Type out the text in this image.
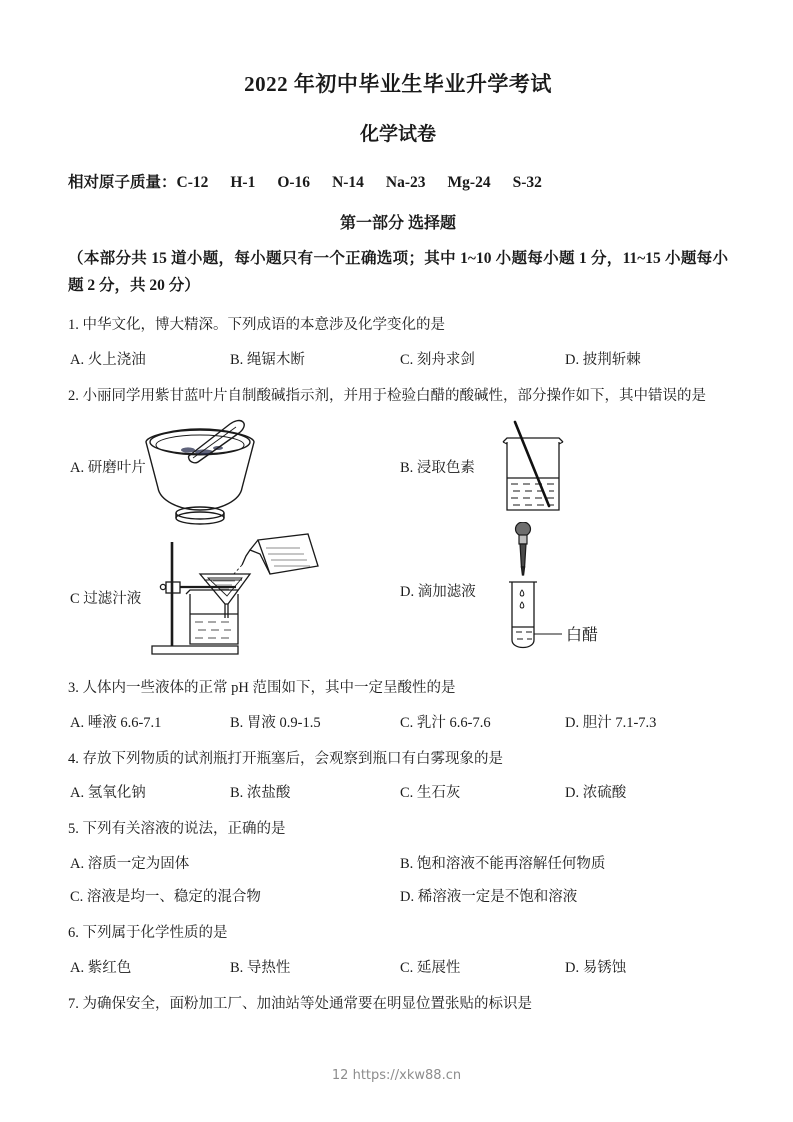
2022 年初中毕业生毕业升学考试
化学试卷
相对原子质量：C-12 H-1 O-16 N-14 Na-23 Mg-24 S-32
第一部分 选择题
（本部分共 15 道小题，每小题只有一个正确选项；其中 1~10 小题每小题 1 分，11~15 小题每小题 2 分，共 20 分）
1. 中华文化，博大精深。下列成语的本意涉及化学变化的是
A. 火上浇油	B. 绳锯木断	C. 刻舟求剑	D. 披荆斩棘
2. 小丽同学用紫甘蓝叶片自制酸碱指示剂，并用于检验白醋的酸碱性，部分操作如下，其中错误的是
A. 研磨叶片	B. 浸取色素
C 过滤汁液	D. 滴加滤液
白醋
3. 人体内一些液体的正常 pH 范围如下，其中一定呈酸性的是
A. 唾液 6.6-7.1	B. 胃液 0.9-1.5	C. 乳汁 6.6-7.6	D. 胆汁 7.1-7.3
4. 存放下列物质的试剂瓶打开瓶塞后，会观察到瓶口有白雾现象的是
A. 氢氧化钠	B. 浓盐酸	C. 生石灰	D. 浓硫酸
5. 下列有关溶液的说法，正确的是
A. 溶质一定为固体	B. 饱和溶液不能再溶解任何物质
C. 溶液是均一、稳定的混合物	D. 稀溶液一定是不饱和溶液
6. 下列属于化学性质的是
A. 紫红色	B. 导热性	C. 延展性	D. 易锈蚀
7. 为确保安全，面粉加工厂、加油站等处通常要在明显位置张贴的标识是
12 https://xkw88.cn
